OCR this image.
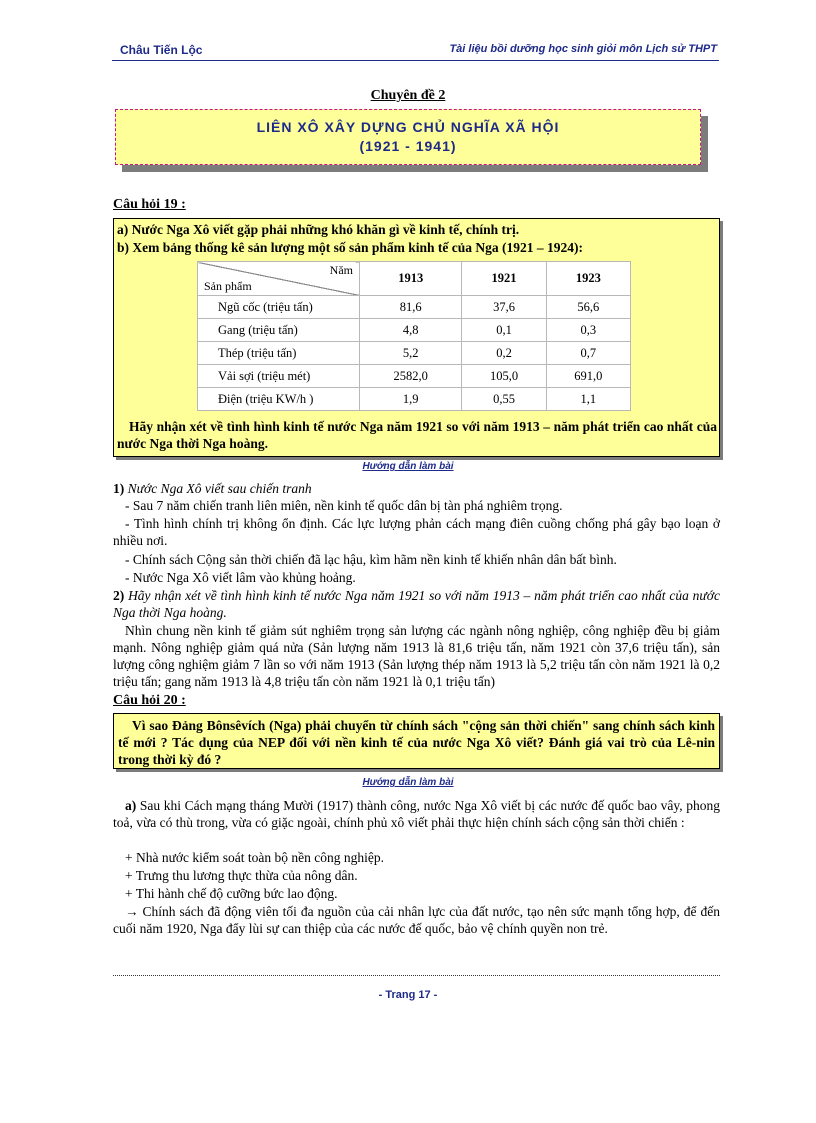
Châu Tiến Lộc	Tài liệu bồi dưỡng học sinh giỏi môn Lịch sử THPT
Chuyên đề 2
LIÊN XÔ XÂY DỰNG CHỦ NGHĨA XÃ HỘI
(1921 - 1941)
Câu hỏi 19 :
a) Nước Nga Xô viết gặp phải những khó khăn gì về kinh tế, chính trị.
b) Xem bảng thống kê sản lượng một số sản phẩm kinh tế của Nga (1921 – 1924):
Năm
Sản phẩm	1913	1921	1923
Ngũ cốc (triệu tấn)	81,6	37,6	56,6
Gang (triệu tấn)	4,8	0,1	0,3
Thép (triệu tấn)	5,2	0,2	0,7
Vải sợi (triệu mét)	2582,0	105,0	691,0
Điện (triệu KW/h )	1,9	0,55	1,1
Hãy nhận xét về tình hình kinh tế nước Nga năm 1921 so với năm 1913 – năm phát triển cao nhất của nước Nga thời Nga hoàng.
Hướng dẫn làm bài
1) Nước Nga Xô viết sau chiến tranh
- Sau 7 năm chiến tranh liên miên, nền kinh tế quốc dân bị tàn phá nghiêm trọng.
- Tình hình chính trị không ổn định. Các lực lượng phản cách mạng điên cuồng chống phá gây bạo loạn ở nhiều nơi.
- Chính sách Cộng sản thời chiến đã lạc hậu, kìm hãm nền kinh tế khiến nhân dân bất bình.
- Nước Nga Xô viết lâm vào khủng hoảng.
2) Hãy nhận xét về tình hình kinh tế nước Nga năm 1921 so với năm 1913 – năm phát triển cao nhất của nước Nga thời Nga hoàng.
Nhìn chung nền kinh tế giảm sút nghiêm trọng sản lượng các ngành nông nghiệp, công nghiệp đều bị giảm mạnh. Nông nghiệp giảm quá nửa (Sản lượng năm 1913 là 81,6 triệu tấn, năm 1921 còn 37,6 triệu tấn), sản lượng công nghiệm giảm 7 lần so với năm 1913 (Sản lượng thép năm 1913 là 5,2 triệu tấn còn năm 1921 là 0,2 triệu tấn; gang năm 1913 là 4,8 triệu tấn còn năm 1921 là 0,1 triệu tấn)
Câu hỏi 20 :
Vì sao Đảng Bônsêvích (Nga) phải chuyển từ chính sách "cộng sản thời chiến" sang chính sách kinh tế mới ? Tác dụng của NEP đối với nền kinh tế của nước Nga Xô viết? Đánh giá vai trò của Lê-nin trong thời kỳ đó ?
Hướng dẫn làm bài
a) Sau khi Cách mạng tháng Mười (1917) thành công, nước Nga Xô viết bị các nước đế quốc bao vây, phong toả, vừa có thù trong, vừa có giặc ngoài, chính phủ xô viết phải thực hiện chính sách cộng sản thời chiến :
+ Nhà nước kiểm soát toàn bộ nền công nghiệp.
+ Trưng thu lương thực thừa của nông dân.
+ Thi hành chế độ cưỡng bức lao động.
→ Chính sách đã động viên tối đa nguồn của cải nhân lực của đất nước, tạo nên sức mạnh tổng hợp, để đến cuối năm 1920, Nga đẩy lùi sự can thiệp của các nước đế quốc, bảo vệ chính quyền non trẻ.
- Trang 17 -
